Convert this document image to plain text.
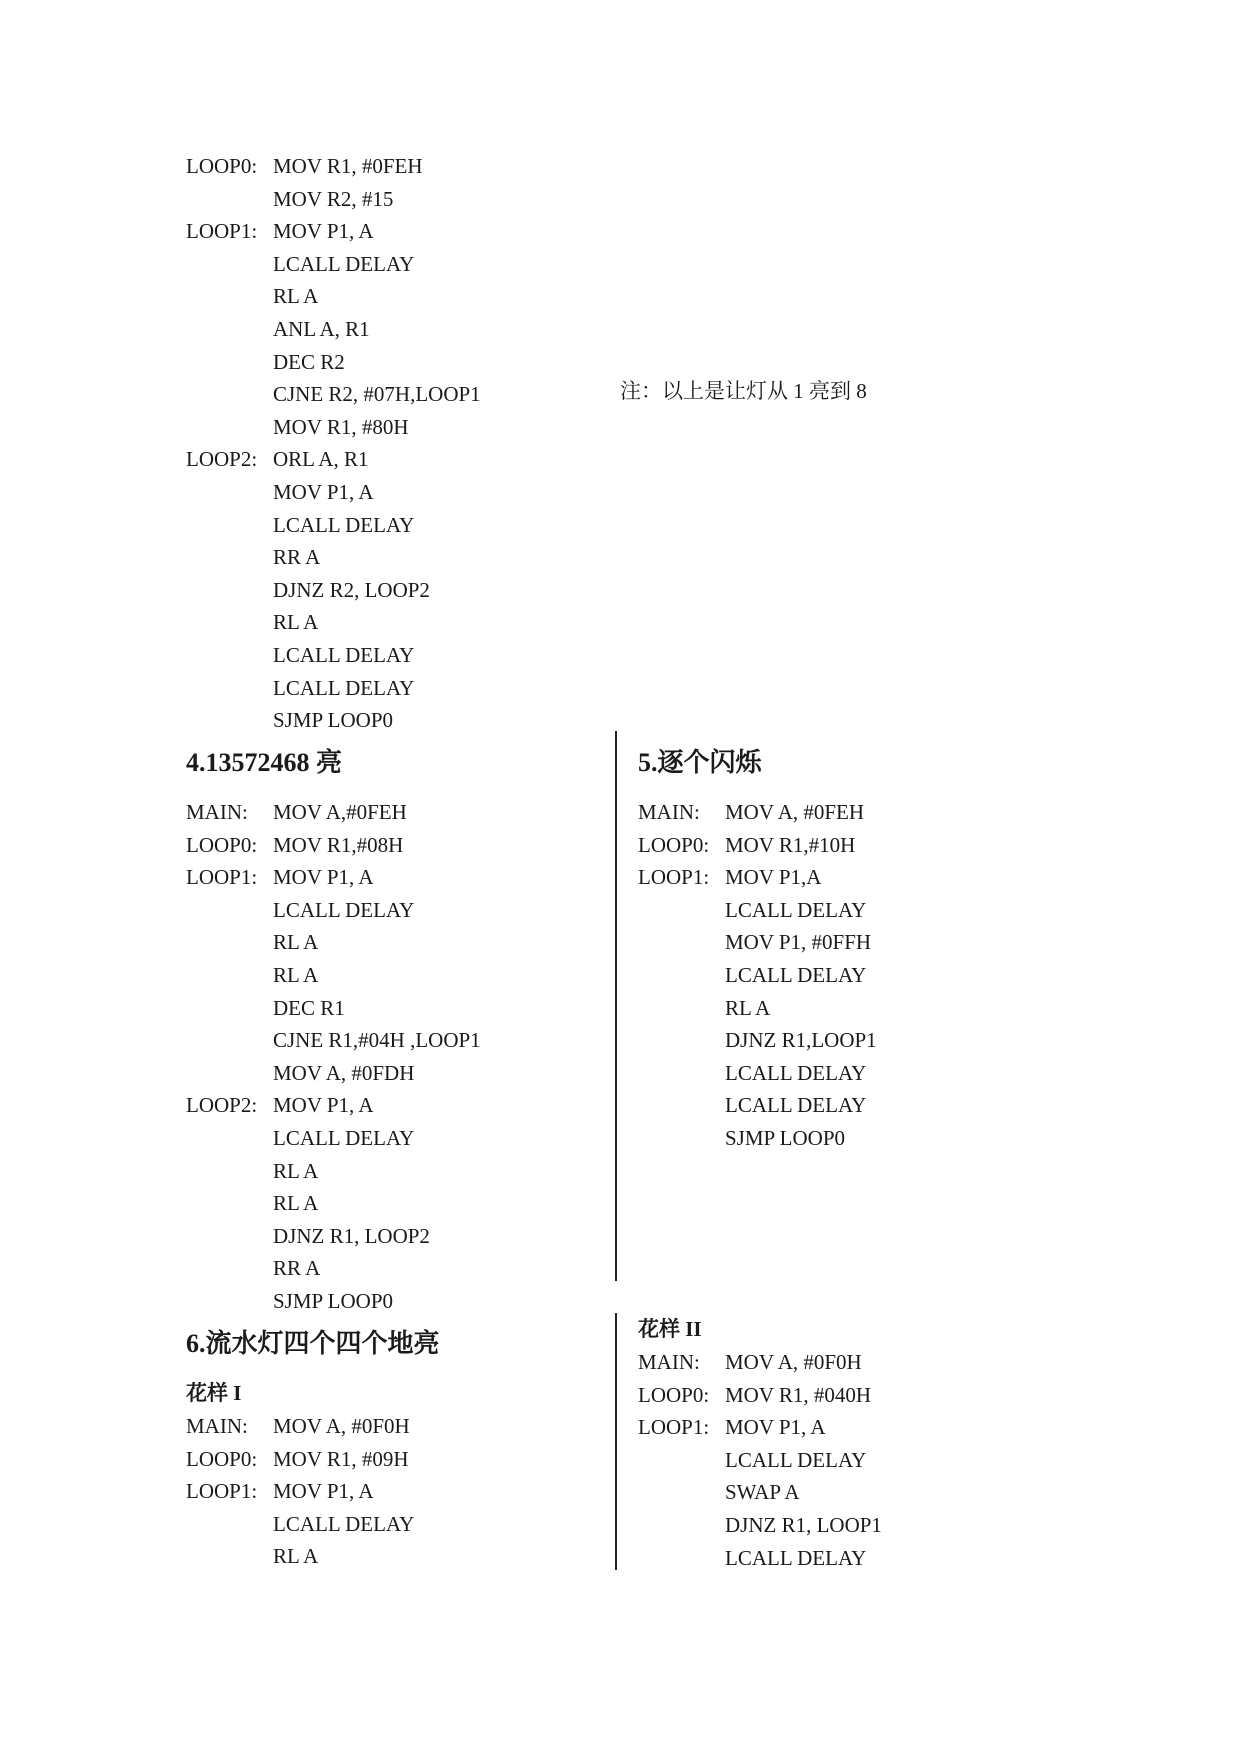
LOOP0: MOV R1, #0FEH
MOV R2, #15
LOOP1: MOV P1, A
LCALL DELAY
RL A
ANL A, R1
DEC R2
CJNE R2, #07H,LOOP1
MOV R1, #80H
LOOP2: ORL A, R1
MOV P1, A
LCALL DELAY
RR A
DJNZ R2, LOOP2
RL A
LCALL DELAY
LCALL DELAY
SJMP LOOP0
注：以上是让灯从 1 亮到 8
4.13572468 亮
MAIN: MOV A,#0FEH
LOOP0: MOV R1,#08H
LOOP1: MOV P1, A
LCALL DELAY
RL A
RL A
DEC R1
CJNE R1,#04H ,LOOP1
MOV A, #0FDH
LOOP2: MOV P1, A
LCALL DELAY
RL A
RL A
DJNZ R1, LOOP2
RR A
SJMP LOOP0
5.逐个闪烁
MAIN: MOV A, #0FEH
LOOP0: MOV R1,#10H
LOOP1: MOV P1,A
LCALL DELAY
MOV P1, #0FFH
LCALL DELAY
RL A
DJNZ R1,LOOP1
LCALL DELAY
LCALL DELAY
SJMP LOOP0
6.流水灯四个四个地亮
花样 I
MAIN: MOV A, #0F0H
LOOP0: MOV R1, #09H
LOOP1: MOV P1, A
LCALL DELAY
RL A
花样 II
MAIN: MOV A, #0F0H
LOOP0: MOV R1, #040H
LOOP1: MOV P1, A
LCALL DELAY
SWAP A
DJNZ R1, LOOP1
LCALL DELAY
